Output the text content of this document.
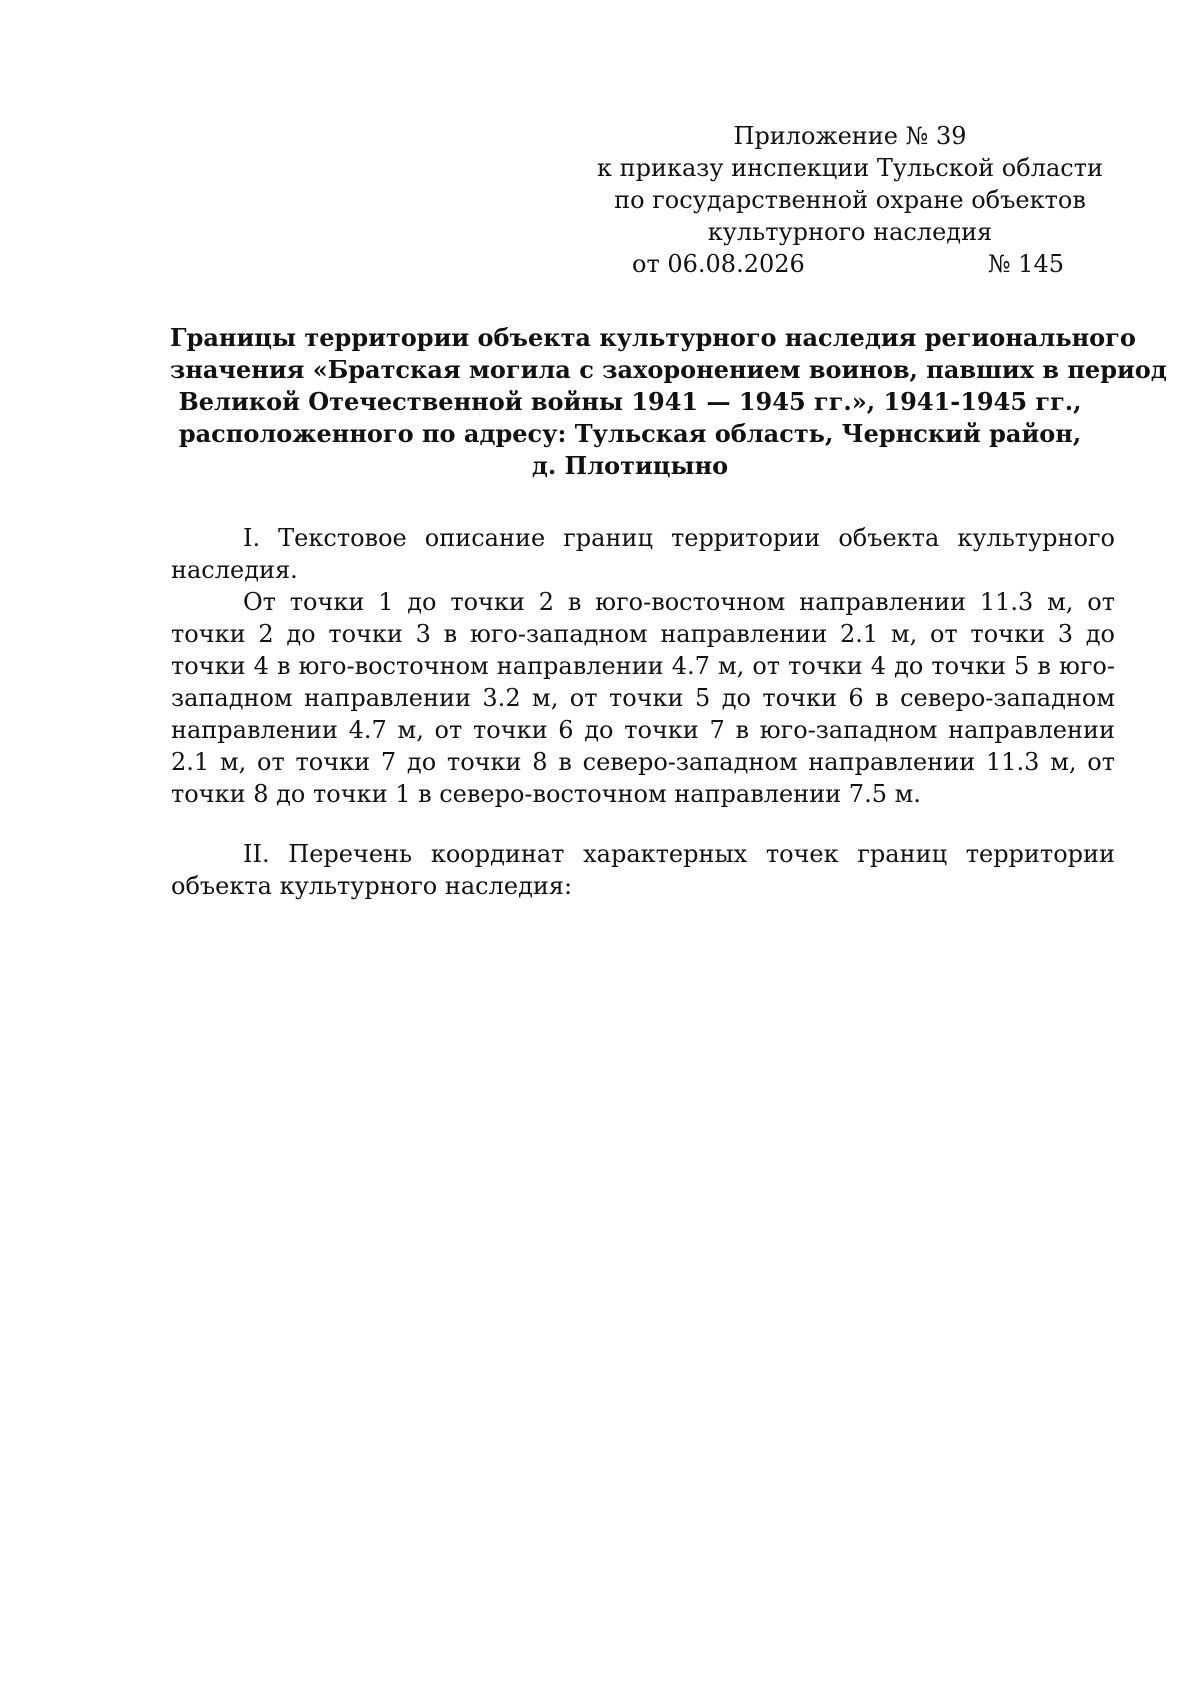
Приложение № 39
к приказу инспекции Тульской области
по государственной охране объектов
культурного наследия
от 06.08.2026	№ 145
Границы территории объекта культурного наследия регионального
значения «Братская могила с захоронением воинов, павших в период
Великой Отечественной войны 1941 — 1945 гг.», 1941-1945 гг.,
расположенного по адресу: Тульская область, Чернский район,
д. Плотицыно

I. Текстовое описание границ территории объекта культурного наследия.

От точки 1 до точки 2 в юго-восточном направлении 11.3 м, от точки 2 до точки 3 в юго-западном направлении 2.1 м, от точки 3 до точки 4 в юго-восточном направлении 4.7 м, от точки 4 до точки 5 в юго-западном направлении 3.2 м, от точки 5 до точки 6 в северо-западном направлении 4.7 м, от точки 6 до точки 7 в юго-западном направлении 2.1 м, от точки 7 до точки 8 в северо-западном направлении 11.3 м, от точки 8 до точки 1 в северо-восточном направлении 7.5 м.

II. Перечень координат характерных точек границ территории объекта культурного наследия:
